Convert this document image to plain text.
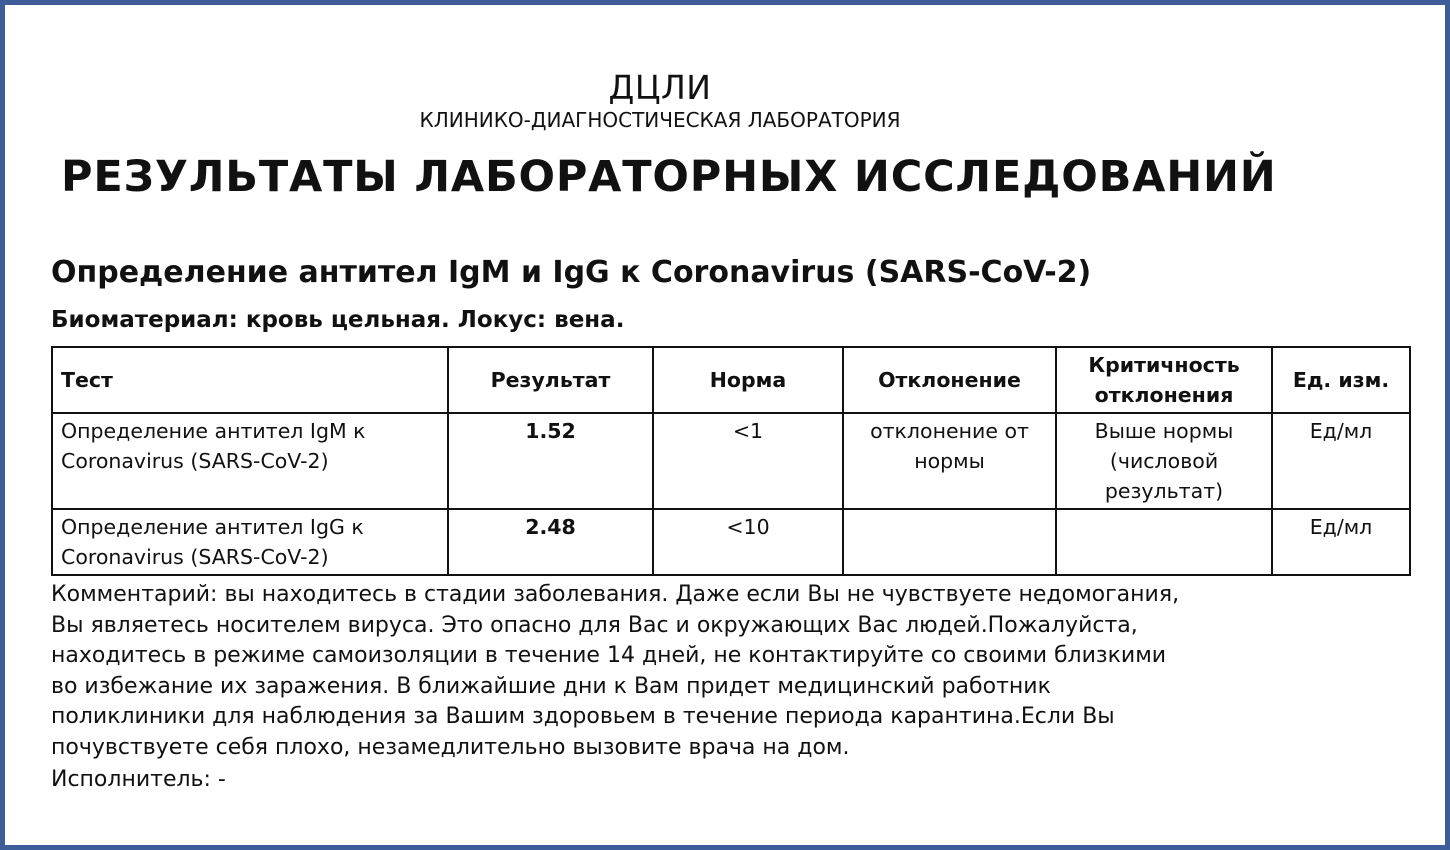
ДЦЛИ
КЛИНИКО-ДИАГНОСТИЧЕСКАЯ ЛАБОРАТОРИЯ
РЕЗУЛЬТАТЫ ЛАБОРАТОРНЫХ ИССЛЕДОВАНИЙ
Определение антител IgM и IgG к Coronavirus (SARS-CoV-2)
Биоматериал: кровь цельная. Локус: вена.
Тест	Результат	Норма	Отклонение	Критичность отклонения	Ед. изм.
Определение антител IgM к Coronavirus (SARS-CoV-2)	1.52	<1	отклонение от нормы	Выше нормы (числовой результат)	Ед/мл
Определение антител IgG к Coronavirus (SARS-CoV-2)	2.48	<10			Ед/мл
Комментарий: вы находитесь в стадии заболевания. Даже если Вы не чувствуете недомогания,
Вы являетесь носителем вируса. Это опасно для Вас и окружающих Вас людей.Пожалуйста,
находитесь в режиме самоизоляции в течение 14 дней, не контактируйте со своими близкими
во избежание их заражения. В ближайшие дни к Вам придет медицинский работник
поликлиники для наблюдения за Вашим здоровьем в течение периода карантина.Если Вы
почувствуете себя плохо, незамедлительно вызовите врача на дом.
Исполнитель: -
